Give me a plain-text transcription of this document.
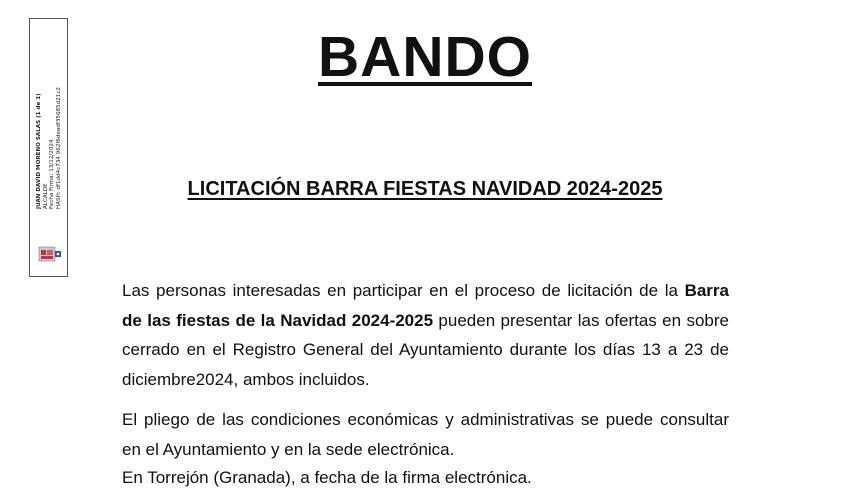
JUAN DAVID MORENO SALAS (1 de 1) ALCALDE Fecha Firma: 13/12/2024 HASH: df1dd4c734 962f6deadf35685d21c2
BANDO
LICITACIÓN BARRA FIESTAS NAVIDAD 2024-2025

Las personas interesadas en participar en el proceso de licitación de la Barra de las fiestas de la Navidad 2024-2025 pueden presentar las ofertas en sobre cerrado en el Registro General del Ayuntamiento durante los días 13 a 23 de diciembre2024, ambos incluidos.

El pliego de las condiciones económicas y administrativas se puede consultar en el Ayuntamiento y en la sede electrónica.

En Torrejón (Granada), a fecha de la firma electrónica.
